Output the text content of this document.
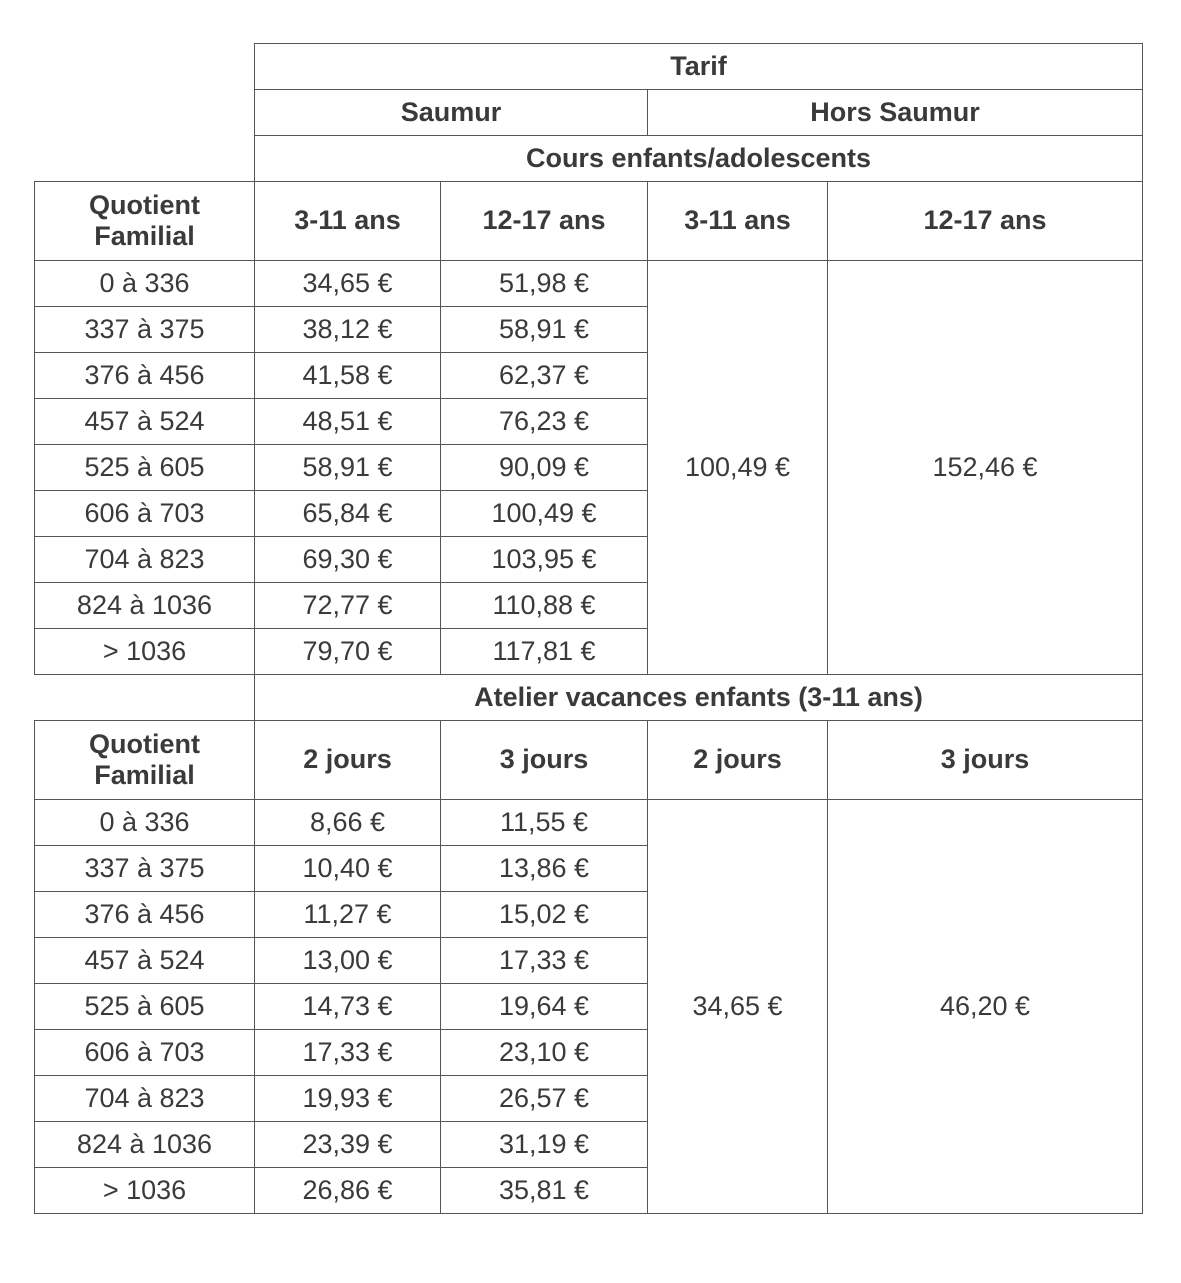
	Tarif			
	Saumur		Hors Saumur	
	Cours enfants/adolescents			

Quotient
Familial	3-11 ans	12-17 ans	3-11 ans	12-17 ans
0 à 336	34,65 €	51,98 €	100,49 €	152,46 €
337 à 375	38,12 €	58,91 €		
376 à 456	41,58 €	62,37 €		
457 à 524	48,51 €	76,23 €		
525 à 605	58,91 €	90,09 €		
606 à 703	65,84 €	100,49 €		
704 à 823	69,30 €	103,95 €		
824 à 1036	72,77 €	110,88 €		
> 1036	79,70 €	117,81 €		
	Atelier vacances enfants (3-11 ans)			

Quotient
Familial	2 jours	3 jours	2 jours	3 jours
0 à 336	8,66 €	11,55 €	34,65 €	46,20 €
337 à 375	10,40 €	13,86 €		
376 à 456	11,27 €	15,02 €		
457 à 524	13,00 €	17,33 €		
525 à 605	14,73 €	19,64 €		
606 à 703	17,33 €	23,10 €		
704 à 823	19,93 €	26,57 €		
824 à 1036	23,39 €	31,19 €		
> 1036	26,86 €	35,81 €		
